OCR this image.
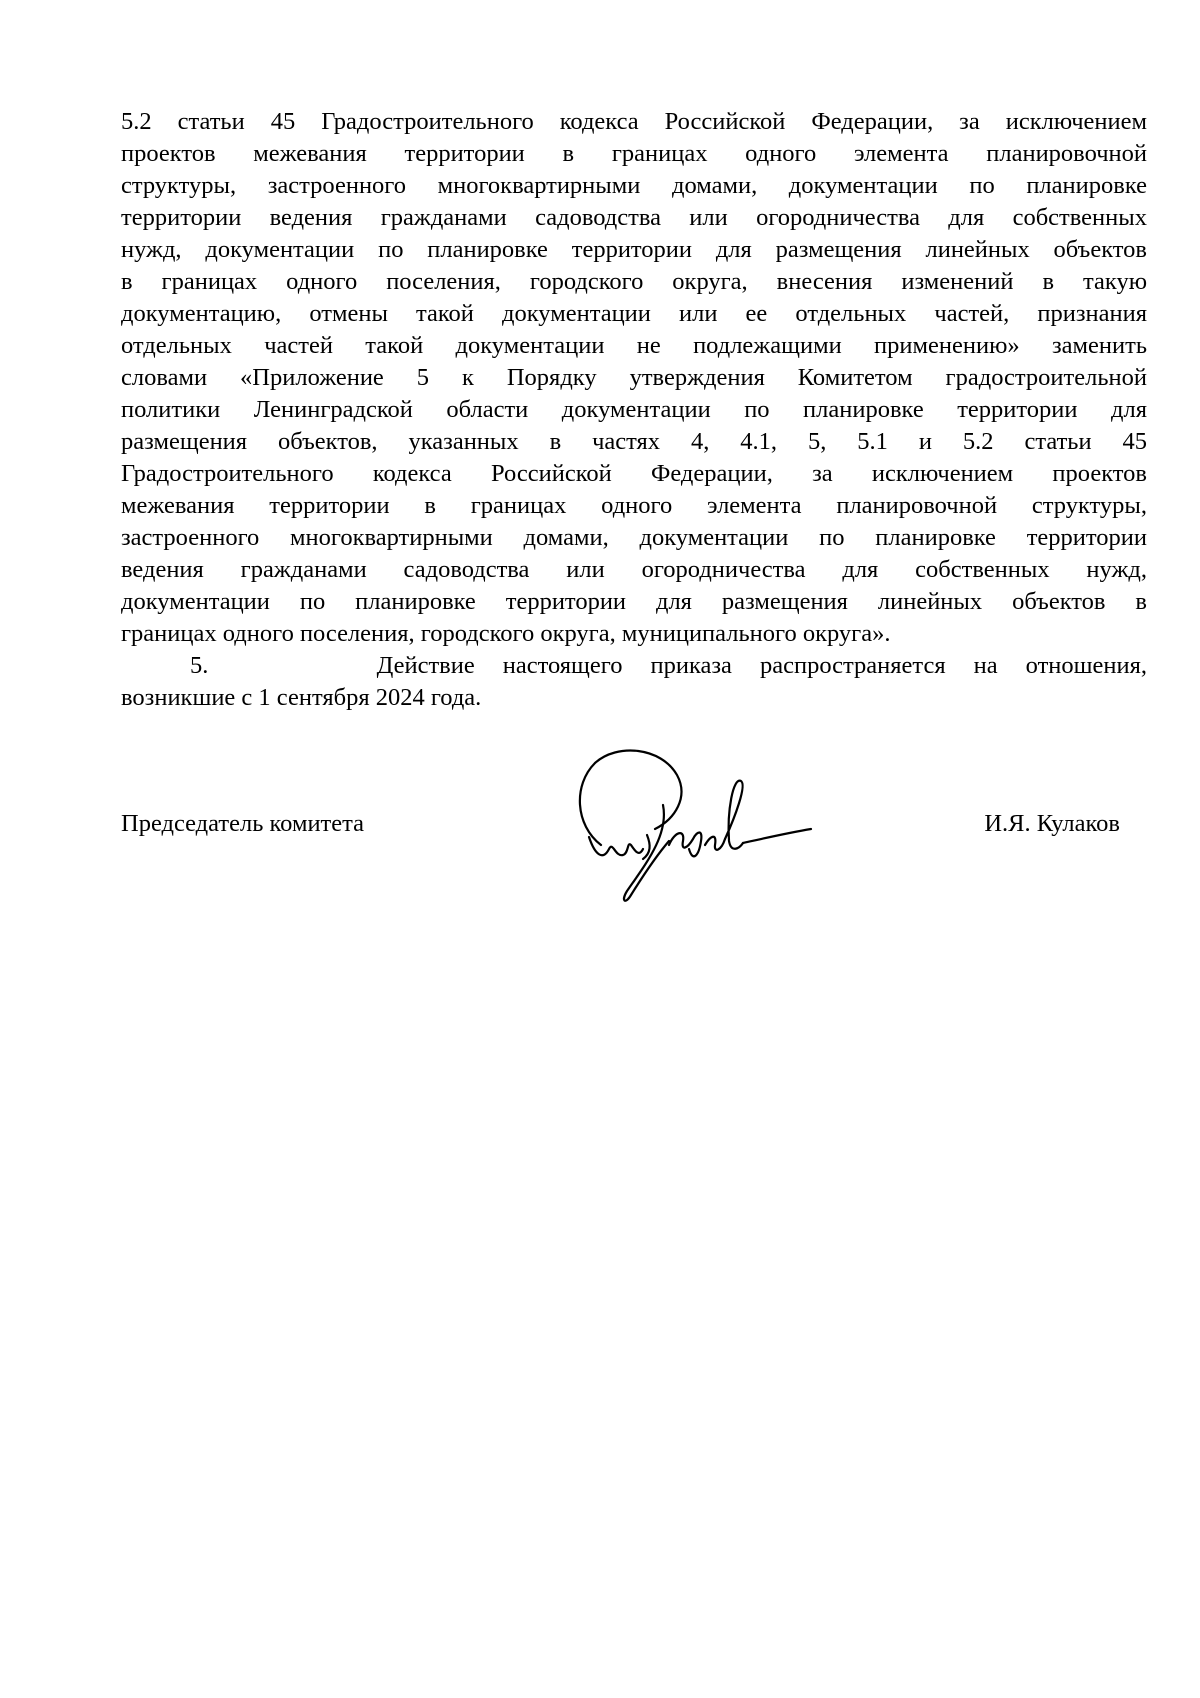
5.2 статьи 45 Градостроительного кодекса Российской Федерации, за исключением
проектов межевания территории в границах одного элемента планировочной
структуры, застроенного многоквартирными домами, документации по планировке
территории ведения гражданами садоводства или огородничества для собственных
нужд, документации по планировке территории для размещения линейных объектов
в границах одного поселения, городского округа, внесения изменений в такую
документацию, отмены такой документации или ее отдельных частей, признания
отдельных частей такой документации не подлежащими применению» заменить
словами «Приложение 5 к Порядку утверждения Комитетом градостроительной
политики Ленинградской области документации по планировке территории для
размещения объектов, указанных в частях 4, 4.1, 5, 5.1 и 5.2 статьи 45
Градостроительного кодекса Российской Федерации, за исключением проектов
межевания территории в границах одного элемента планировочной структуры,
застроенного многоквартирными домами, документации по планировке территории
ведения гражданами садоводства или огородничества для собственных нужд,
документации по планировке территории для размещения линейных объектов в
границах одного поселения, городского округа, муниципального округа».
5.      Действие настоящего приказа распространяется на отношения,
возникшие с 1 сентября 2024 года.
Председатель комитета	И.Я. Кулаков
